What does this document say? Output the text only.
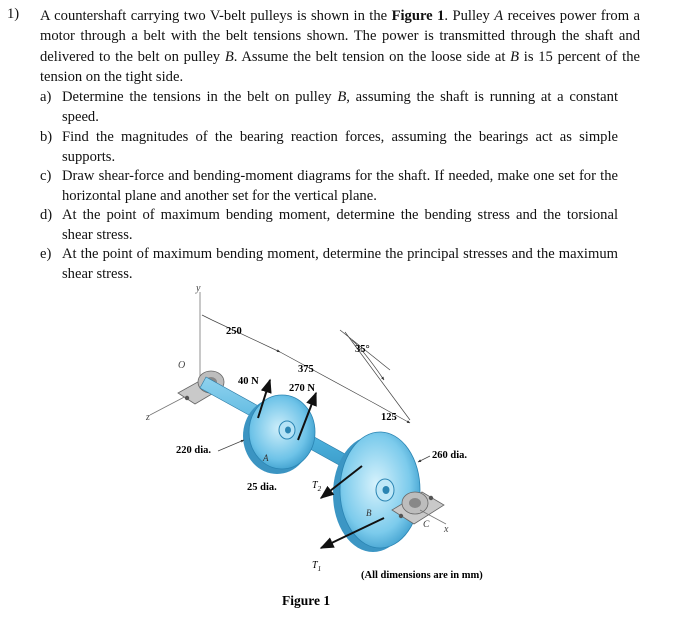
1) A countershaft carrying two V-belt pulleys is shown in the Figure 1. Pulley A receives power from a motor through a belt with the belt tensions shown. The power is transmitted through the shaft and delivered to the belt on pulley B. Assume the belt tension on the loose side at B is 15 percent of the tension on the tight side.
a) Determine the tensions in the belt on pulley B, assuming the shaft is running at a constant speed.
b) Find the magnitudes of the bearing reaction forces, assuming the bearings act as simple supports.
c) Draw shear-force and bending-moment diagrams for the shaft. If needed, make one set for the horizontal plane and another set for the vertical plane.
d) At the point of maximum bending moment, determine the bending stress and the torsional shear stress.
e) At the point of maximum bending moment, determine the principal stresses and the maximum shear stress.
y
z
O
250
375
125
35°
A
B
C x
40 N
270 N
$T_2$
$T_1$
220 dia.
25 dia.
260 dia.
(All dimensions are in mm)
Figure 1
